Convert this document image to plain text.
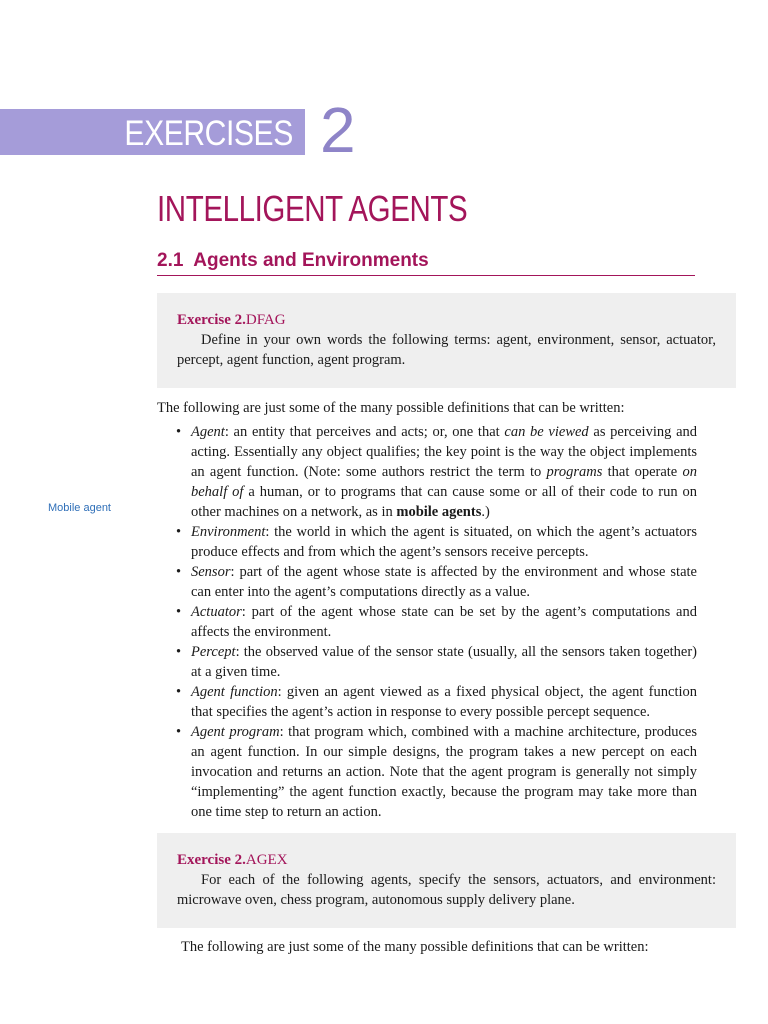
EXERCISES 2
INTELLIGENT AGENTS
2.1 Agents and Environments
Exercise 2.DFAG
Define in your own words the following terms: agent, environment, sensor, actuator, percept, agent function, agent program.
The following are just some of the many possible definitions that can be written:
Mobile agent
• Agent: an entity that perceives and acts; or, one that can be viewed as perceiving and acting. Essentially any object qualifies; the key point is the way the object implements an agent function. (Note: some authors restrict the term to programs that operate on behalf of a human, or to programs that can cause some or all of their code to run on other machines on a network, as in mobile agents.)
• Environment: the world in which the agent is situated, on which the agent’s actuators produce effects and from which the agent’s sensors receive percepts.
• Sensor: part of the agent whose state is affected by the environment and whose state can enter into the agent’s computations directly as a value.
• Actuator: part of the agent whose state can be set by the agent’s computations and affects the environment.
• Percept: the observed value of the sensor state (usually, all the sensors taken together) at a given time.
• Agent function: given an agent viewed as a fixed physical object, the agent function that specifies the agent’s action in response to every possible percept sequence.
• Agent program: that program which, combined with a machine architecture, produces an agent function. In our simple designs, the program takes a new percept on each invocation and returns an action. Note that the agent program is generally not simply “implementing” the agent function exactly, because the program may take more than one time step to return an action.
Exercise 2.AGEX
For each of the following agents, specify the sensors, actuators, and environment: microwave oven, chess program, autonomous supply delivery plane.
The following are just some of the many possible definitions that can be written:
